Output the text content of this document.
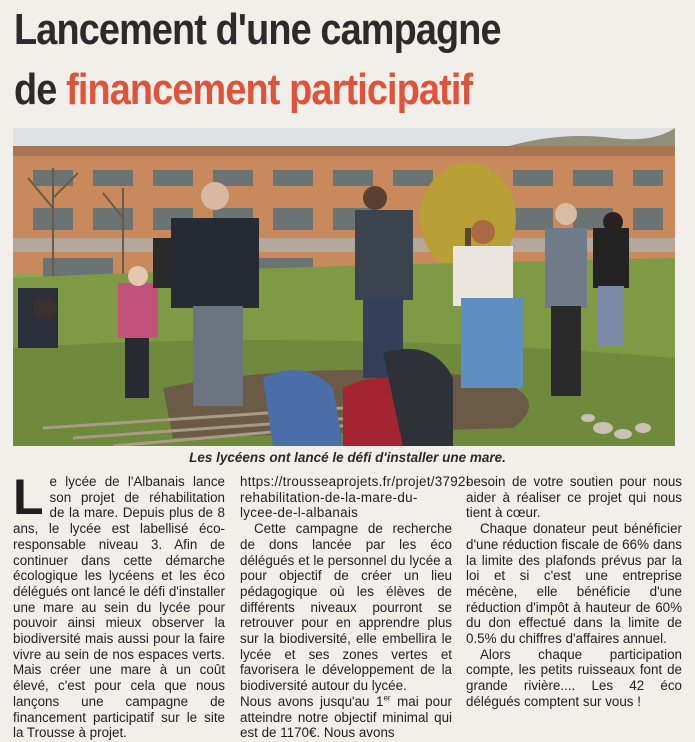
Lancement d'une campagne
de financement participatif
Les lycéens ont lancé le défi d'installer une mare.

Le lycée de l'Albanais lance son projet de réhabilitation de la mare. Depuis plus de 8 ans, le lycée est labellisé éco-responsable niveau 3. Afin de continuer dans cette démarche écologique les lycéens et les éco délégués ont lancé le défi d'installer une mare au sein du lycée pour pouvoir ainsi mieux observer la biodiversité mais aussi pour la faire vivre au sein de nos espaces verts. Mais créer une mare à un coût élevé, c'est pour cela que nous lançons une campagne de financement participatif sur le site la Trousse à projet.

https://trousseaprojets.fr/projet/3792-rehabilitation-de-la-mare-du-lycee-de-l-albanais

Cette campagne de recherche de dons lancée par les éco délégués et le personnel du lycée a pour objectif de créer un lieu pédagogique où les élèves de différents niveaux pourront se retrouver pour en apprendre plus sur la biodiversité, elle embellira le lycée et ses zones vertes et favorisera le développement de la biodiversité autour du lycée.

Nous avons jusqu'au 1er mai pour atteindre notre objectif minimal qui est de 1170€. Nous avons

besoin de votre soutien pour nous aider à réaliser ce projet qui nous tient à cœur.

Chaque donateur peut bénéficier d'une réduction fiscale de 66% dans la limite des plafonds prévus par la loi et si c'est une entreprise mécène, elle bénéficie d'une réduction d'impôt à hauteur de 60% du don effectué dans la limite de 0.5% du chiffres d'affaires annuel.

Alors chaque participation compte, les petits ruisseaux font de grande rivière.... Les 42 éco délégués comptent sur vous !
